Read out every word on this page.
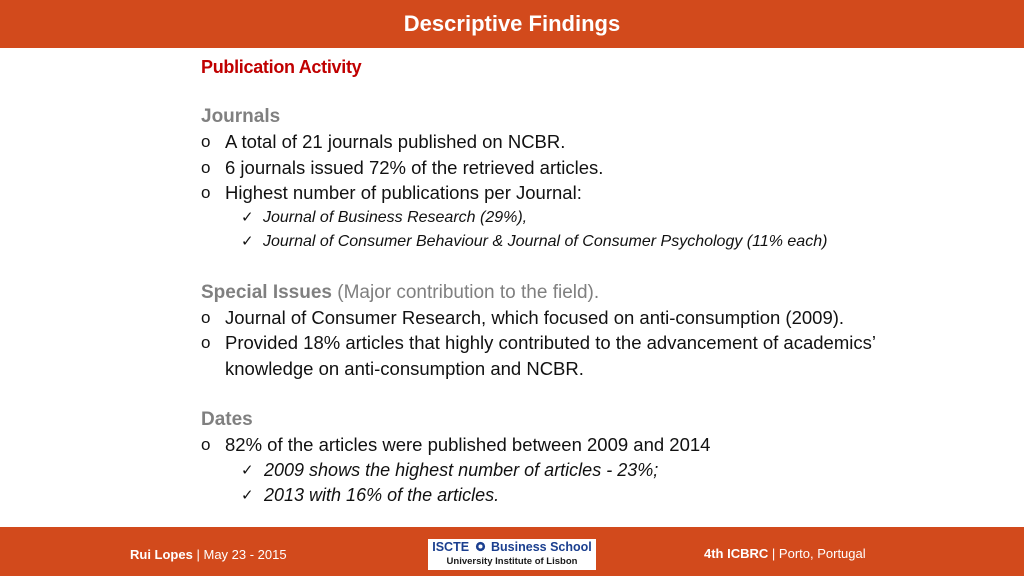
Descriptive Findings
Publication Activity
Journals
o A total of 21 journals published on NCBR.
o 6 journals issued 72% of the retrieved articles.
o Highest number of publications per Journal:
✓ Journal of Business Research (29%),
✓ Journal of Consumer Behaviour & Journal of Consumer Psychology (11% each)
Special Issues (Major contribution to the field).
o Journal of Consumer Research, which focused on anti-consumption (2009).
o Provided 18% articles that highly contributed to the advancement of academics’ knowledge on anti-consumption and NCBR.
Dates
o 82% of the articles were published between 2009 and 2014
✓ 2009 shows the highest number of articles - 23%;
✓ 2013 with 16% of the articles.
Rui Lopes | May 23 - 2015	ISCTE Business School
University Institute of Lisbon
4th ICBRC | Porto, Portugal
